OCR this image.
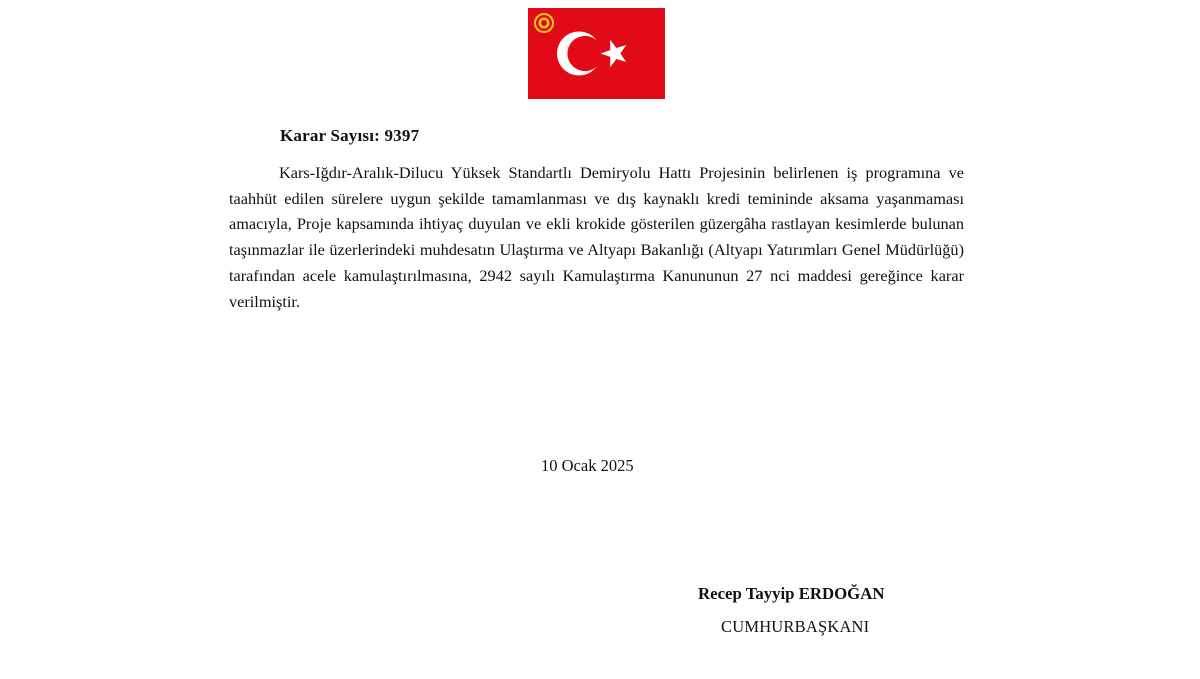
Karar Sayısı: 9397

Kars-Iğdır-Aralık-Dilucu Yüksek Standartlı Demiryolu Hattı Projesinin belirlenen iş programına ve taahhüt edilen sürelere uygun şekilde tamamlanması ve dış kaynaklı kredi temininde aksama yaşanmaması amacıyla, Proje kapsamında ihtiyaç duyulan ve ekli krokide gösterilen güzergâha rastlayan kesimlerde bulunan taşınmazlar ile üzerlerindeki muhdesatın Ulaştırma ve Altyapı Bakanlığı (Altyapı Yatırımları Genel Müdürlüğü) tarafından acele kamulaştırılmasına, 2942 sayılı Kamulaştırma Kanununun 27 nci maddesi gereğince karar verilmiştir.

10 Ocak 2025
Recep Tayyip ERDOĞAN
CUMHURBAŞKANI
